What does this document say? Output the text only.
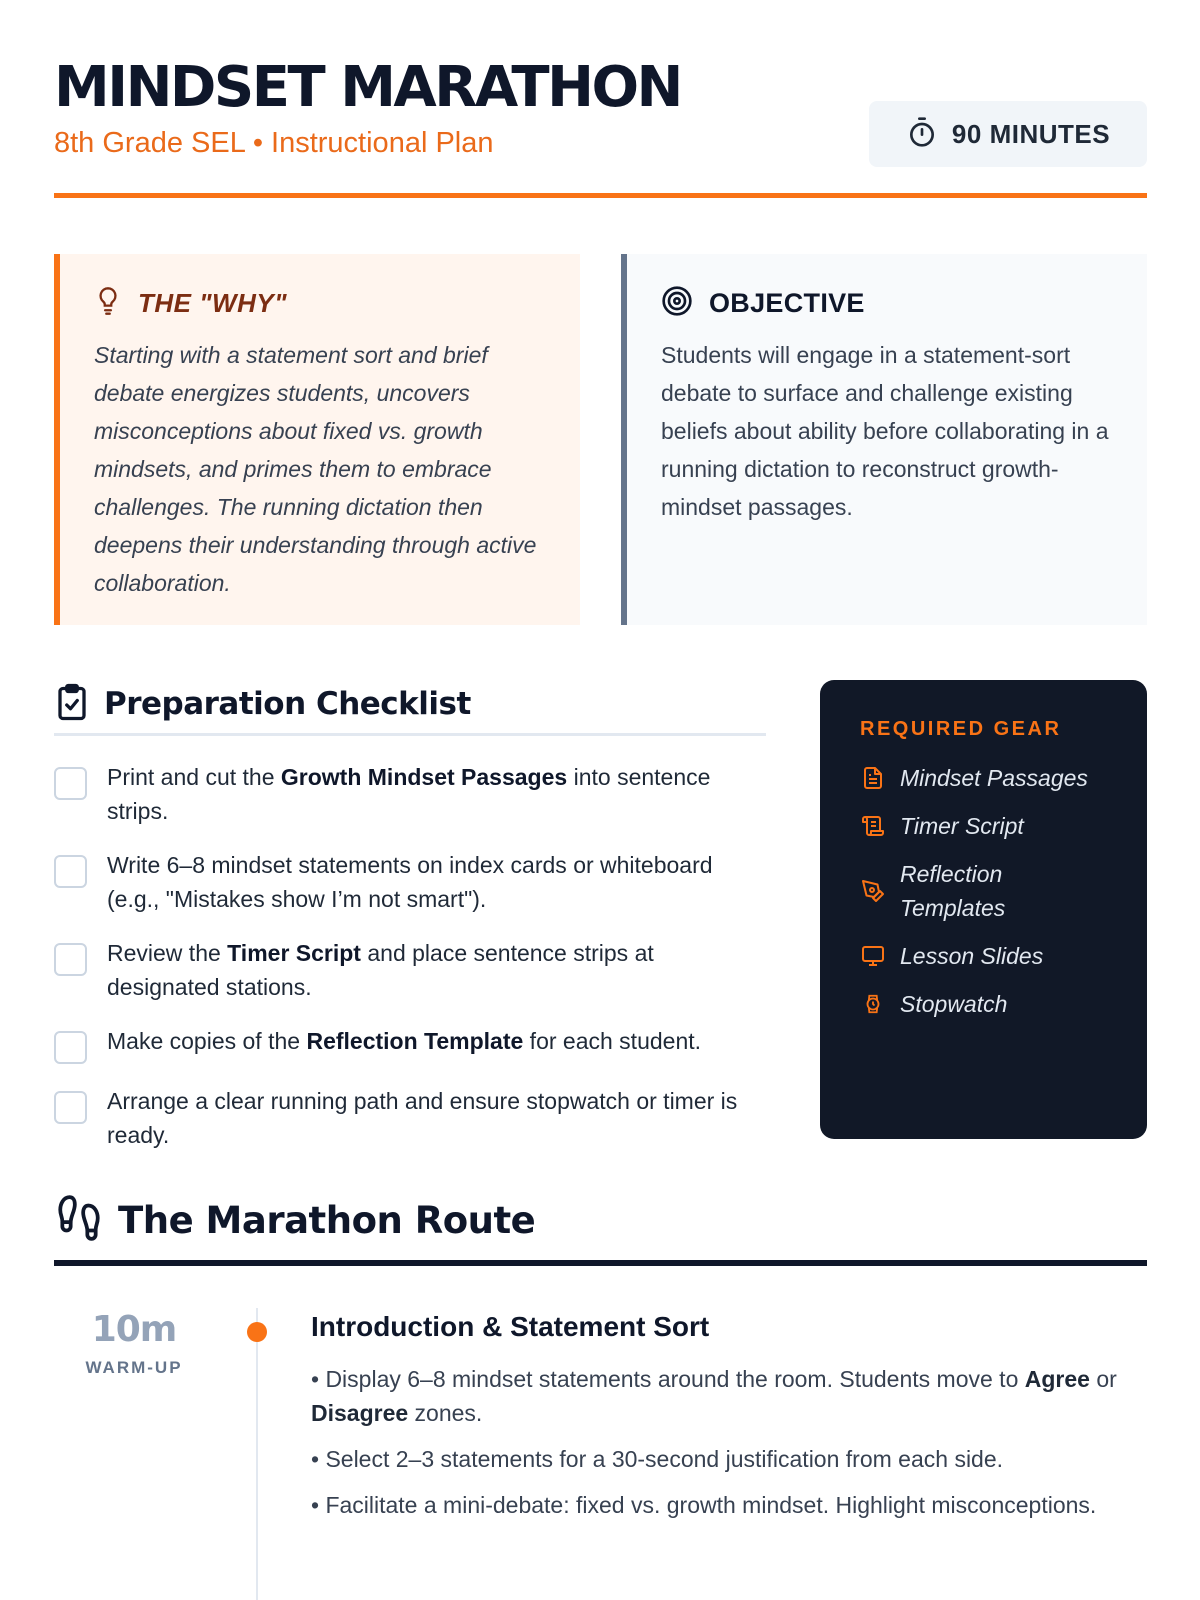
MINDSET MARATHON
8th Grade SEL • Instructional Plan	90 MINUTES
THE "WHY"

Starting with a statement sort and brief debate energizes students, uncovers misconceptions about fixed vs. growth mindsets, and primes them to embrace challenges. The running dictation then deepens their understanding through active collaboration.

OBJECTIVE

Students will engage in a statement-sort debate to surface and challenge existing beliefs about ability before collaborating in a running dictation to reconstruct growth-mindset passages.

Preparation Checklist
Print and cut the Growth Mindset Passages into sentence strips.
Write 6–8 mindset statements on index cards or whiteboard (e.g., "Mistakes show I’m not smart").
Review the Timer Script and place sentence strips at designated stations.
Make copies of the Reflection Template for each student.
Arrange a clear running path and ensure stopwatch or timer is ready.
REQUIRED GEAR
Mindset Passages
Timer Script
Reflection Templates
Lesson Slides
Stopwatch
The Marathon Route
10m
WARM-UP
Introduction & Statement Sort
• Display 6–8 mindset statements around the room. Students move to Agree or Disagree zones.
• Select 2–3 statements for a 30-second justification from each side.
• Facilitate a mini-debate: fixed vs. growth mindset. Highlight misconceptions.
